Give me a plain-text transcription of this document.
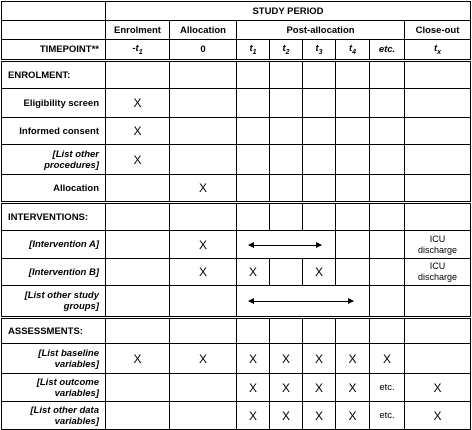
	STUDY PERIOD							
	Enrolment	Allocation	Post-allocation					Close-out
TIMEPOINT**	$-t_1$	0	$t_1$	$t_2$	$t_3$	$t_4$	etc.	$t_x$
ENROLMENT:								
Eligibility screen	X							
Informed consent	X							
[List other
procedures]	X							
Allocation		X						
INTERVENTIONS:								
[Intervention A]		X						ICU
discharge
[Intervention B]		X	X		X			ICU
discharge
[List other study
groups]						

ASSESSMENTS:								
[List baseline
variables]	X	X	X	X	X	X	X	
[List outcome
variables]			X	X	X	X	etc.	X
[List other data
variables]			X	X	X	X	etc.	X
